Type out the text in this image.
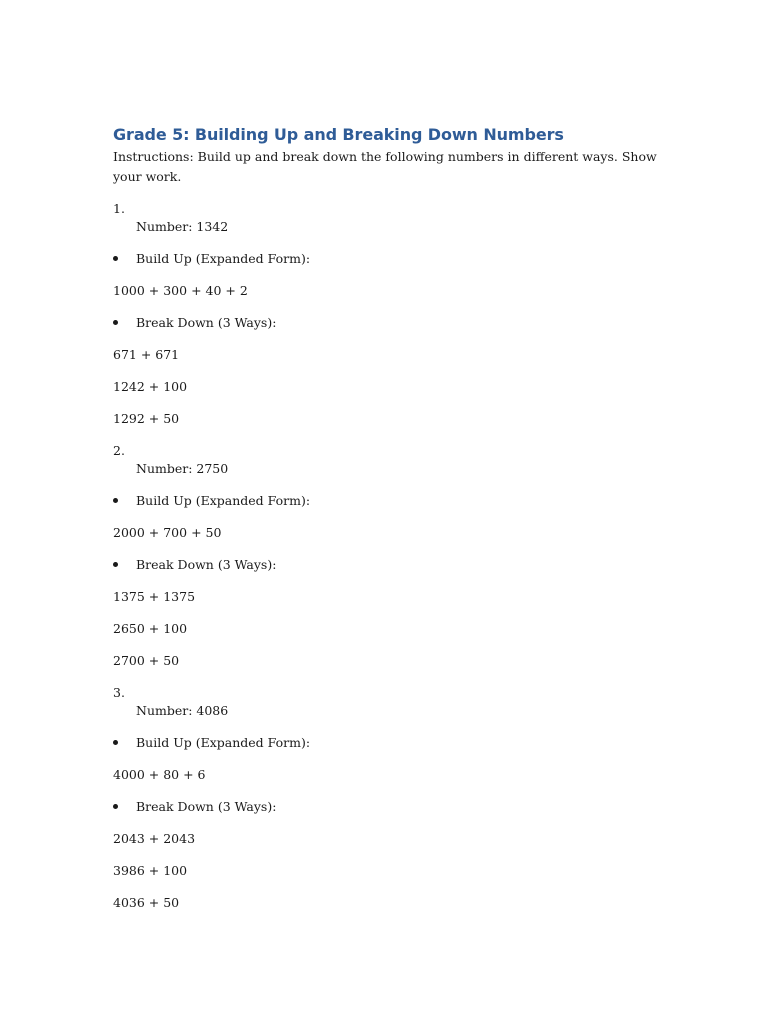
Grade 5: Building Up and Breaking Down Numbers

Instructions: Build up and break down the following numbers in different ways. Show your work.

1.

Number: 1342

Build Up (Expanded Form):

1000 + 300 + 40 + 2

Break Down (3 Ways):

671 + 671

1242 + 100

1292 + 50

2.

Number: 2750

Build Up (Expanded Form):

2000 + 700 + 50

Break Down (3 Ways):

1375 + 1375

2650 + 100

2700 + 50

3.

Number: 4086

Build Up (Expanded Form):

4000 + 80 + 6

Break Down (3 Ways):

2043 + 2043

3986 + 100

4036 + 50
